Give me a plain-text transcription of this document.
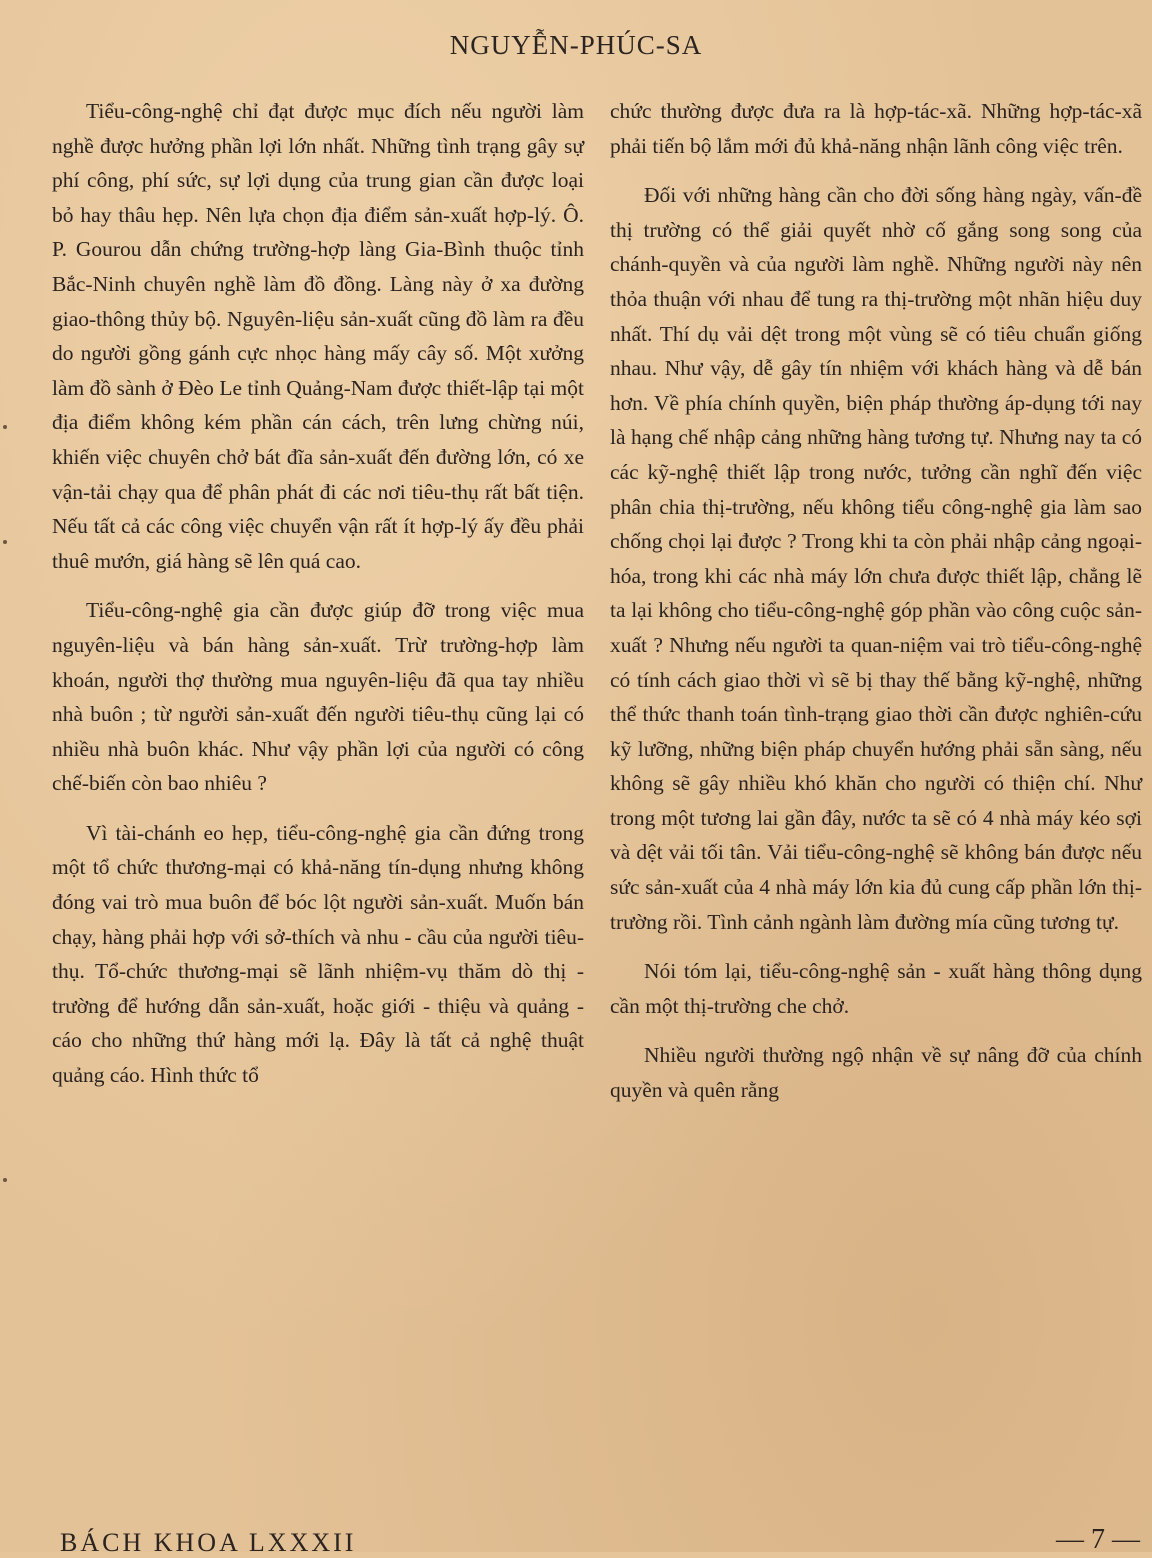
NGUYỄN-PHÚC-SA

Tiểu-công-nghệ chỉ đạt được mục đích nếu người làm nghề được hưởng phần lợi lớn nhất. Những tình trạng gây sự phí công, phí sức, sự lợi dụng của trung gian cần được loại bỏ hay thâu hẹp. Nên lựa chọn địa điểm sản-xuất hợp-lý. Ô. P. Gourou dẫn chứng trường-hợp làng Gia-Bình thuộc tỉnh Bắc-Ninh chuyên nghề làm đồ đồng. Làng này ở xa đường giao-thông thủy bộ. Nguyên-liệu sản-xuất cũng đồ làm ra đều do người gồng gánh cực nhọc hàng mấy cây số. Một xưởng làm đồ sành ở Đèo Le tỉnh Quảng-Nam được thiết-lập tại một địa điểm không kém phần cán cách, trên lưng chừng núi, khiến việc chuyên chở bát đĩa sản-xuất đến đường lớn, có xe vận-tải chạy qua để phân phát đi các nơi tiêu-thụ rất bất tiện. Nếu tất cả các công việc chuyển vận rất ít hợp-lý ấy đều phải thuê mướn, giá hàng sẽ lên quá cao.

Tiểu-công-nghệ gia cần được giúp đỡ trong việc mua nguyên-liệu và bán hàng sản-xuất. Trừ trường-hợp làm khoán, người thợ thường mua nguyên-liệu đã qua tay nhiều nhà buôn ; từ người sản-xuất đến người tiêu-thụ cũng lại có nhiều nhà buôn khác. Như vậy phần lợi của người có công chế-biến còn bao nhiêu ?

Vì tài-chánh eo hẹp, tiểu-công-nghệ gia cần đứng trong một tổ chức thương-mại có khả-năng tín-dụng nhưng không đóng vai trò mua buôn để bóc lột người sản-xuất. Muốn bán chạy, hàng phải hợp với sở-thích và nhu - cầu của người tiêu-thụ. Tổ-chức thương-mại sẽ lãnh nhiệm-vụ thăm dò thị - trường để hướng dẫn sản-xuất, hoặc giới - thiệu và quảng - cáo cho những thứ hàng mới lạ. Đây là tất cả nghệ thuật quảng cáo. Hình thức tổ

chức thường được đưa ra là hợp-tác-xã. Những hợp-tác-xã phải tiến bộ lắm mới đủ khả-năng nhận lãnh công việc trên.

Đối với những hàng cần cho đời sống hàng ngày, vấn-đề thị trường có thể giải quyết nhờ cố gắng song song của chánh-quyền và của người làm nghề. Những người này nên thỏa thuận với nhau để tung ra thị-trường một nhãn hiệu duy nhất. Thí dụ vải dệt trong một vùng sẽ có tiêu chuẩn giống nhau. Như vậy, dễ gây tín nhiệm với khách hàng và dễ bán hơn. Về phía chính quyền, biện pháp thường áp-dụng tới nay là hạng chế nhập cảng những hàng tương tự. Nhưng nay ta có các kỹ-nghệ thiết lập trong nước, tưởng cần nghĩ đến việc phân chia thị-trường, nếu không tiểu công-nghệ gia làm sao chống chọi lại được ? Trong khi ta còn phải nhập cảng ngoại-hóa, trong khi các nhà máy lớn chưa được thiết lập, chẳng lẽ ta lại không cho tiểu-công-nghệ góp phần vào công cuộc sản-xuất ? Nhưng nếu người ta quan-niệm vai trò tiểu-công-nghệ có tính cách giao thời vì sẽ bị thay thế bằng kỹ-nghệ, những thể thức thanh toán tình-trạng giao thời cần được nghiên-cứu kỹ lưỡng, những biện pháp chuyển hướng phải sẵn sàng, nếu không sẽ gây nhiều khó khăn cho người có thiện chí. Như trong một tương lai gần đây, nước ta sẽ có 4 nhà máy kéo sợi và dệt vải tối tân. Vải tiểu-công-nghệ sẽ không bán được nếu sức sản-xuất của 4 nhà máy lớn kia đủ cung cấp phần lớn thị-trường rồi. Tình cảnh ngành làm đường mía cũng tương tự.

Nói tóm lại, tiểu-công-nghệ sản - xuất hàng thông dụng cần một thị-trường che chở.

Nhiều người thường ngộ nhận về sự nâng đỡ của chính quyền và quên rằng

BÁCH KHOA LXXXII	— 7 —
